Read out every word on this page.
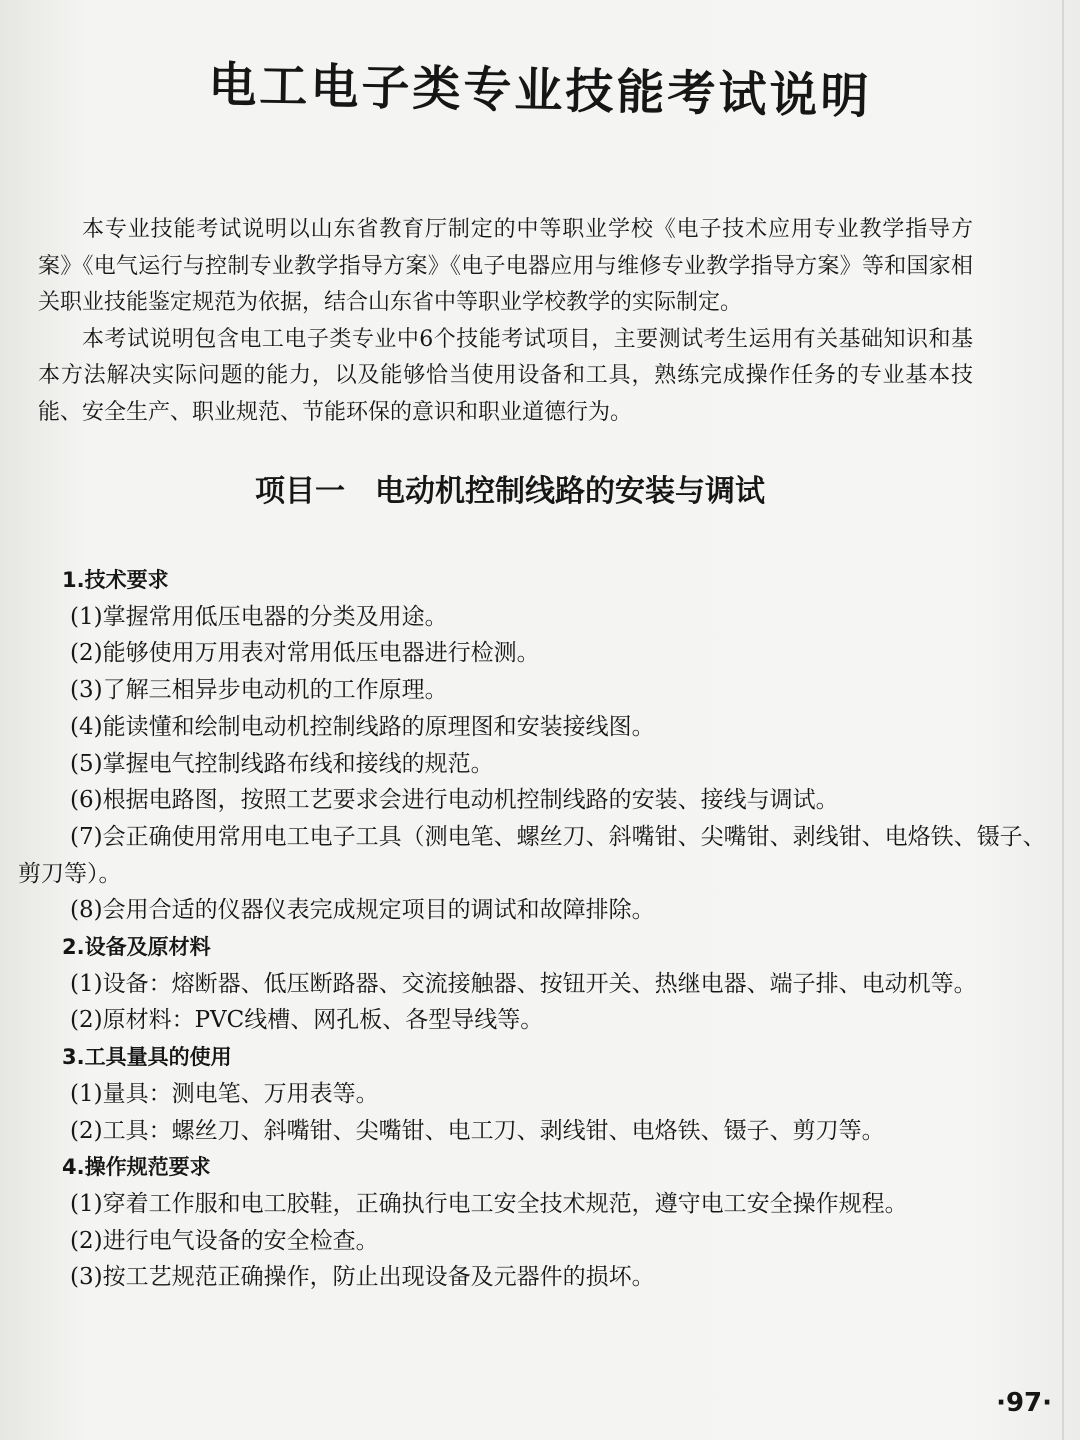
电工电子类专业技能考试说明

本专业技能考试说明以山东省教育厅制定的中等职业学校《电子技术应用专业教学指导方案》《电气运行与控制专业教学指导方案》《电子电器应用与维修专业教学指导方案》等和国家相关职业技能鉴定规范为依据，结合山东省中等职业学校教学的实际制定。

本考试说明包含电工电子类专业中6个技能考试项目，主要测试考生运用有关基础知识和基本方法解决实际问题的能力，以及能够恰当使用设备和工具，熟练完成操作任务的专业基本技能、安全生产、职业规范、节能环保的意识和职业道德行为。

项目一　电动机控制线路的安装与调试

1.技术要求

(1)掌握常用低压电器的分类及用途。

(2)能够使用万用表对常用低压电器进行检测。

(3)了解三相异步电动机的工作原理。

(4)能读懂和绘制电动机控制线路的原理图和安装接线图。

(5)掌握电气控制线路布线和接线的规范。

(6)根据电路图，按照工艺要求会进行电动机控制线路的安装、接线与调试。

(7)会正确使用常用电工电子工具（测电笔、螺丝刀、斜嘴钳、尖嘴钳、剥线钳、电烙铁、镊子、剪刀等）。

(8)会用合适的仪器仪表完成规定项目的调试和故障排除。

2.设备及原材料

(1)设备：熔断器、低压断路器、交流接触器、按钮开关、热继电器、端子排、电动机等。

(2)原材料：PVC线槽、网孔板、各型导线等。

3.工具量具的使用

(1)量具：测电笔、万用表等。

(2)工具：螺丝刀、斜嘴钳、尖嘴钳、电工刀、剥线钳、电烙铁、镊子、剪刀等。

4.操作规范要求

(1)穿着工作服和电工胶鞋，正确执行电工安全技术规范，遵守电工安全操作规程。

(2)进行电气设备的安全检查。

(3)按工艺规范正确操作，防止出现设备及元器件的损坏。

·97·
